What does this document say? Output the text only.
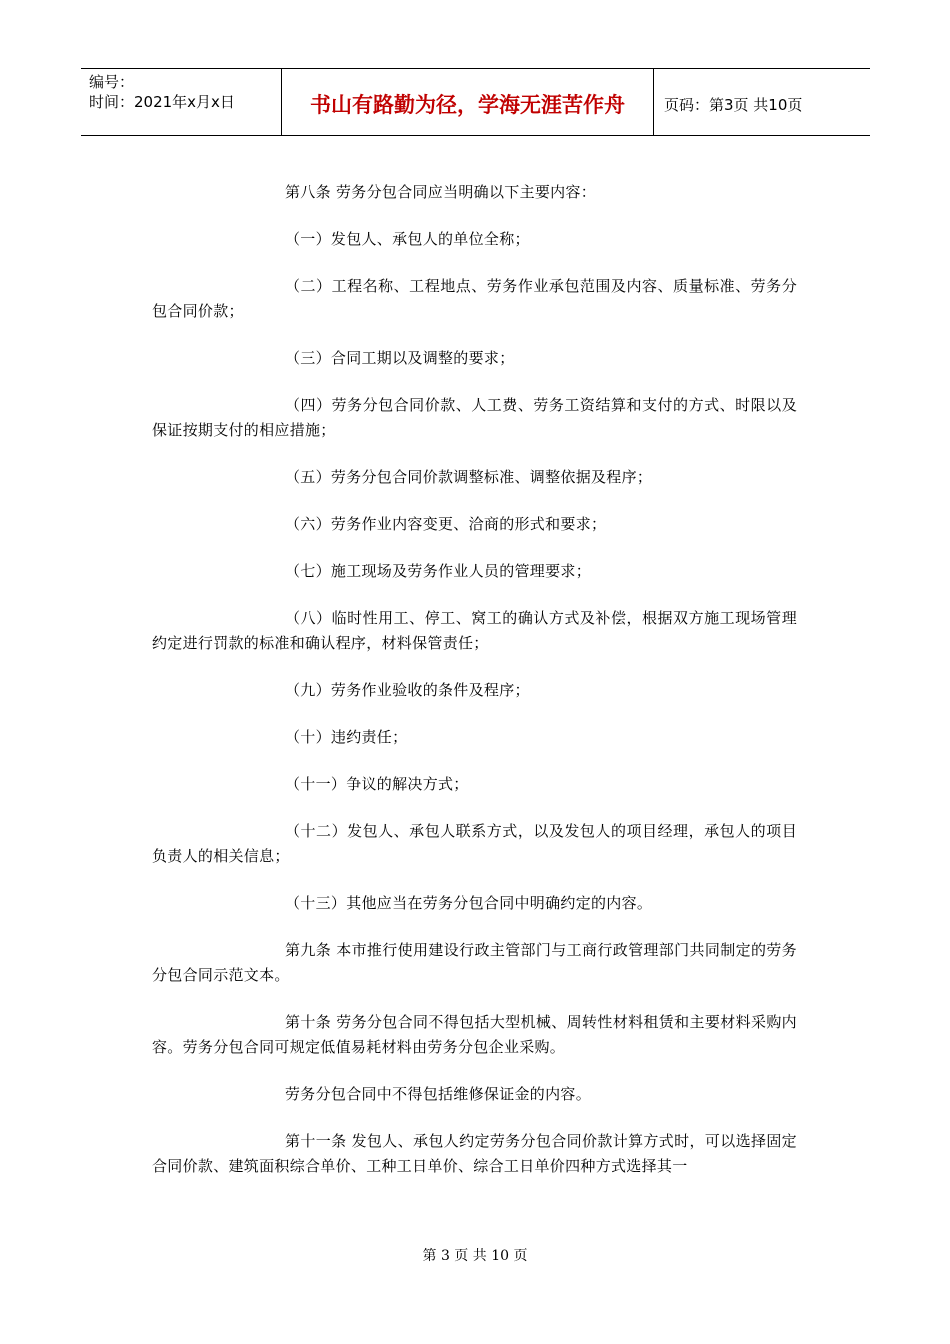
编号：
时间：2021年x月x日	书山有路勤为径，学海无涯苦作舟	页码：第3页 共10页

第八条 劳务分包合同应当明确以下主要内容：

（一）发包人、承包人的单位全称；

（二）工程名称、工程地点、劳务作业承包范围及内容、质量标准、劳务分包合同价款；

（三）合同工期以及调整的要求；

（四）劳务分包合同价款、人工费、劳务工资结算和支付的方式、时限以及保证按期支付的相应措施；

（五）劳务分包合同价款调整标准、调整依据及程序；

（六）劳务作业内容变更、洽商的形式和要求；

（七）施工现场及劳务作业人员的管理要求；

（八）临时性用工、停工、窝工的确认方式及补偿，根据双方施工现场管理约定进行罚款的标准和确认程序，材料保管责任；

（九）劳务作业验收的条件及程序；

（十）违约责任；

（十一）争议的解决方式；

（十二）发包人、承包人联系方式，以及发包人的项目经理，承包人的项目负责人的相关信息；

（十三）其他应当在劳务分包合同中明确约定的内容。

第九条 本市推行使用建设行政主管部门与工商行政管理部门共同制定的劳务分包合同示范文本。

第十条 劳务分包合同不得包括大型机械、周转性材料租赁和主要材料采购内容。劳务分包合同可规定低值易耗材料由劳务分包企业采购。

劳务分包合同中不得包括维修保证金的内容。

第十一条 发包人、承包人约定劳务分包合同价款计算方式时，可以选择固定合同价款、建筑面积综合单价、工种工日单价、综合工日单价四种方式选择其一

第 3 页 共 10 页
